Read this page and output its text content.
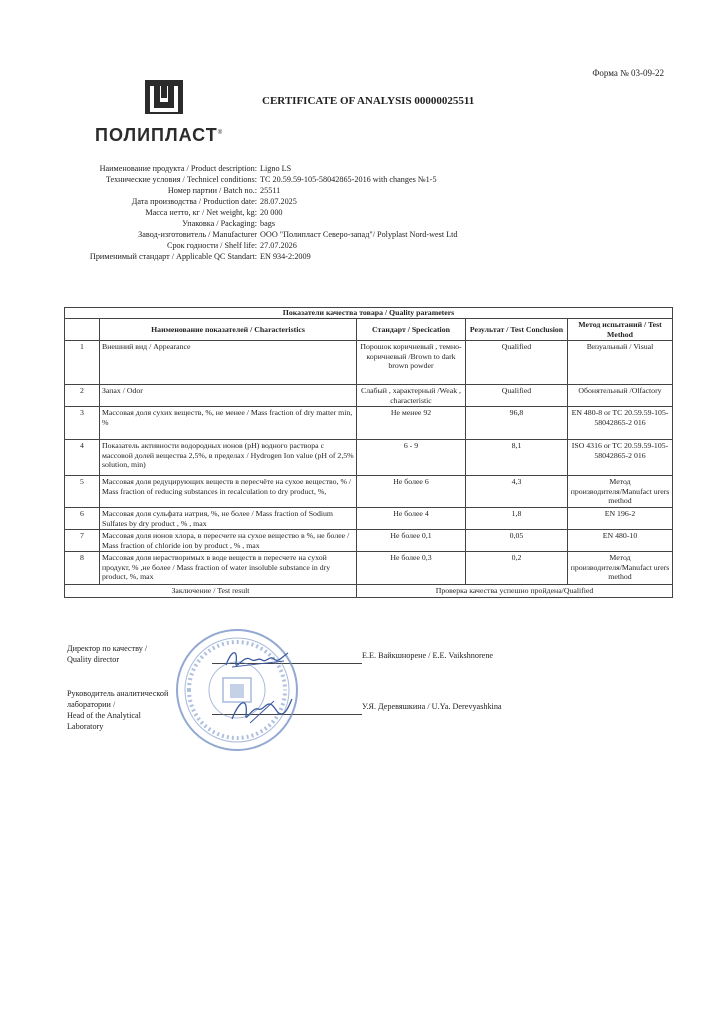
Форма № 03-09-22
ПОЛИПЛАСТ®
CERTIFICATE OF ANALYSIS 00000025511
Наименование продукта / Product description: Ligno LS
Технические условия / Technicel conditions: TC 20.59.59-105-58042865-2016 with changes №1-5
Номер партии / Batch no.: 25511
Дата производства / Production date: 28.07.2025
Масса нетто, кг / Net weight, kg: 20 000
Упаковка / Packaging: bags
Завод-изготовитель / Manufacturer ООО "Полипласт Северо-запад"/ Polyplast Nord-west Ltd
Срок годности / Shelf life: 27.07.2026
Применимый стандарт / Applicable QC Standart: EN 934-2:2009
Показатели качества товара / Quality parameters				
	Наименование показателей / Characteristics	Стандарт / Specication	Результат / Test Conclusion	Метод испытаний / Test Method
1	Внешний вид / Appearance	Порошок коричневый , темно-коричневый /Brown to dark brown powder	Qualified	Визуальный / Visual
2	Запах / Odor	Слабый , характерный /Weak , characteristic	Qualified	Обонятельный /Olfactory
3	Массовая доля сухих веществ, %, не менее / Mass fraction of dry matter min, %	Не менее 92	96,8	EN 480-8 or TC 20.59.59-105-58042865-2 016
4	Показатель активности водородных ионов (рН) водного раствора с массовой долей вещества 2,5%, в пределах / Hydrogen Ion value (pH of 2,5% solution, min)	6 - 9	8,1	ISO 4316 or TC 20.59.59-105-58042865-2 016
5	Массовая доля редуцирующих веществ в пересчёте на сухое вещество, % / Mass fraction of reducing substances in recalculation to dry product, %,	Не более 6	4,3	Метод производителя/Manufact urers method
6	Массовая доля сульфата натрия, %, не более / Mass fraction of Sodium Sulfates by dry product , % , max	Не более 4	1,8	EN 196-2
7	Массовая доля ионов хлора, в пересчете на сухое вещество в %, не более / Mass fraction of chloride ion by product , % , max	Не более 0,1	0,05	EN 480-10
8	Массовая доля нерастворимых в воде веществ в пересчете на сухой продукт, % ,не более / Mass fraction of water insoluble substance in dry product, %, max	Не более 0,3	0,2	Метод производителя/Manufact urers method
Заключение / Test result		Проверка качества успешно пройдена/Qualified		
Директор по качеству /
Quality director	Е.Е. Вайкшнорене / E.E. Vaikshnorene
Руководитель аналитической
лаборатории /
Head of the Analytical
Laboratory
У.Я. Деревяшкина / U.Ya. Derevyashkina
